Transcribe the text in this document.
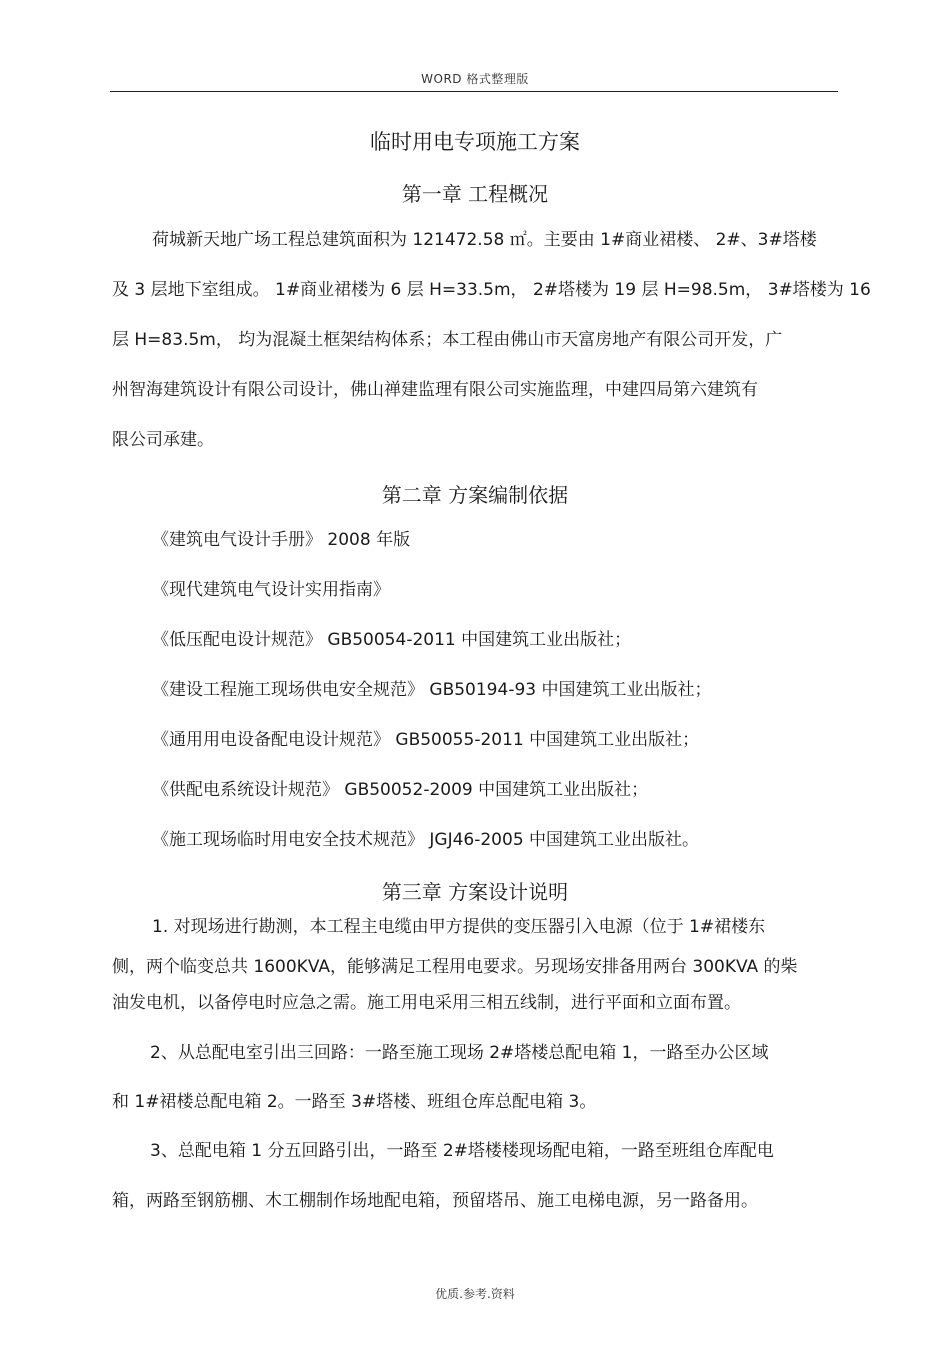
WORD 格式整理版
临时用电专项施工方案
第一章 工程概况
荷城新天地广场工程总建筑面积为 121472.58 ㎡。主要由 1#商业裙楼、 2#、3#塔楼
及 3 层地下室组成。 1#商业裙楼为 6 层 H=33.5m， 2#塔楼为 19 层 H=98.5m， 3#塔楼为 16
层 H=83.5m， 均为混凝土框架结构体系；本工程由佛山市天富房地产有限公司开发，广
州智海建筑设计有限公司设计，佛山禅建监理有限公司实施监理，中建四局第六建筑有
限公司承建。
第二章 方案编制依据
《建筑电气设计手册》 2008 年版
《现代建筑电气设计实用指南》
《低压配电设计规范》 GB50054-2011 中国建筑工业出版社；
《建设工程施工现场供电安全规范》 GB50194-93 中国建筑工业出版社；
《通用用电设备配电设计规范》 GB50055-2011 中国建筑工业出版社；
《供配电系统设计规范》 GB50052-2009 中国建筑工业出版社；
《施工现场临时用电安全技术规范》 JGJ46-2005 中国建筑工业出版社。
第三章 方案设计说明
1. 对现场进行勘测，本工程主电缆由甲方提供的变压器引入电源（位于 1#裙楼东
侧，两个临变总共 1600KVA，能够满足工程用电要求。另现场安排备用两台 300KVA 的柴
油发电机，以备停电时应急之需。施工用电采用三相五线制，进行平面和立面布置。
2、从总配电室引出三回路：一路至施工现场 2#塔楼总配电箱 1，一路至办公区域
和 1#裙楼总配电箱 2。一路至 3#塔楼、班组仓库总配电箱 3。
3、总配电箱 1 分五回路引出，一路至 2#塔楼楼现场配电箱，一路至班组仓库配电
箱，两路至钢筋棚、木工棚制作场地配电箱，预留塔吊、施工电梯电源，另一路备用。
优质.参考.资料
